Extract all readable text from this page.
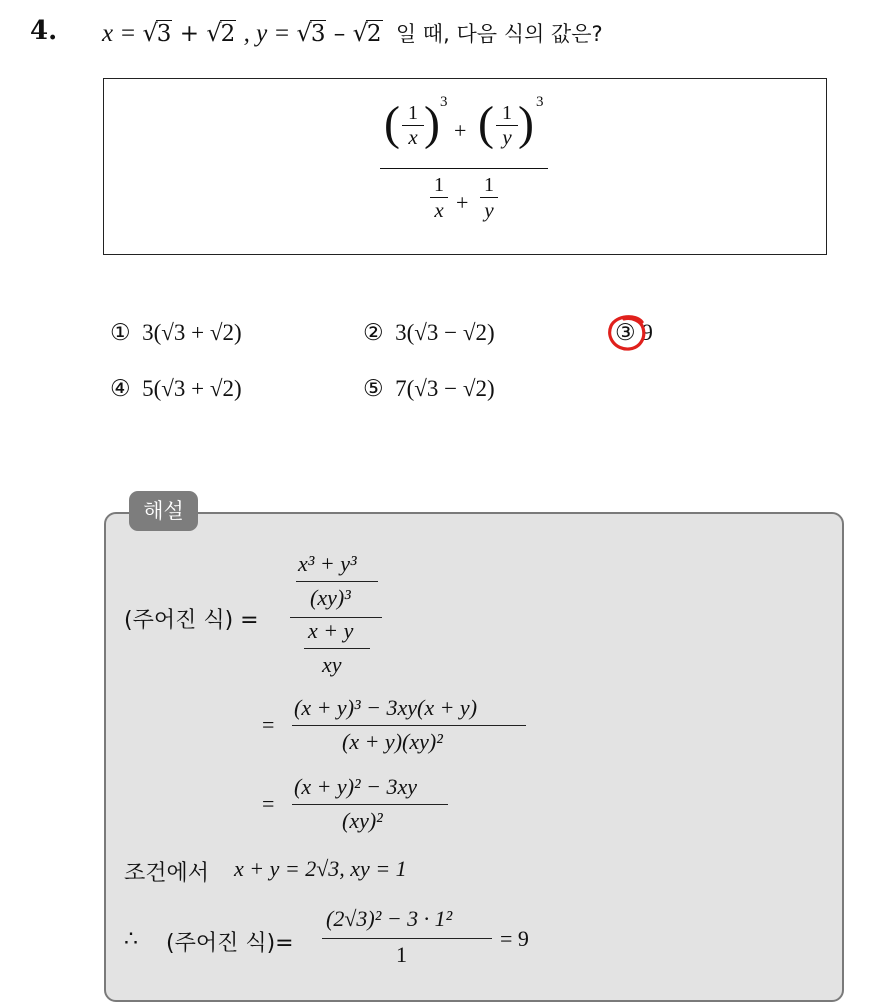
4. x = √3 + √2 , y = √3 – √2 일 때, 다음 식의 값은?
( 1
x ) 3
+ ( 1
y ) 3
1
x +
1
y
① 3(√3 + √2)	② 3(√3 − √2)	③ 9
④ 5(√3 + √2)	⑤ 7(√3 − √2)
해설
(주어진 식) =
x³ + y³
(xy)³
x + y
xy
=
(x + y)³ − 3xy(x + y)
(x + y)(xy)²
=
(x + y)² − 3xy
(xy)²
조건에서 x + y = 2√3, xy = 1
∴ (주어진 식)=
(2√3)² − 3 · 1²
1
= 9
